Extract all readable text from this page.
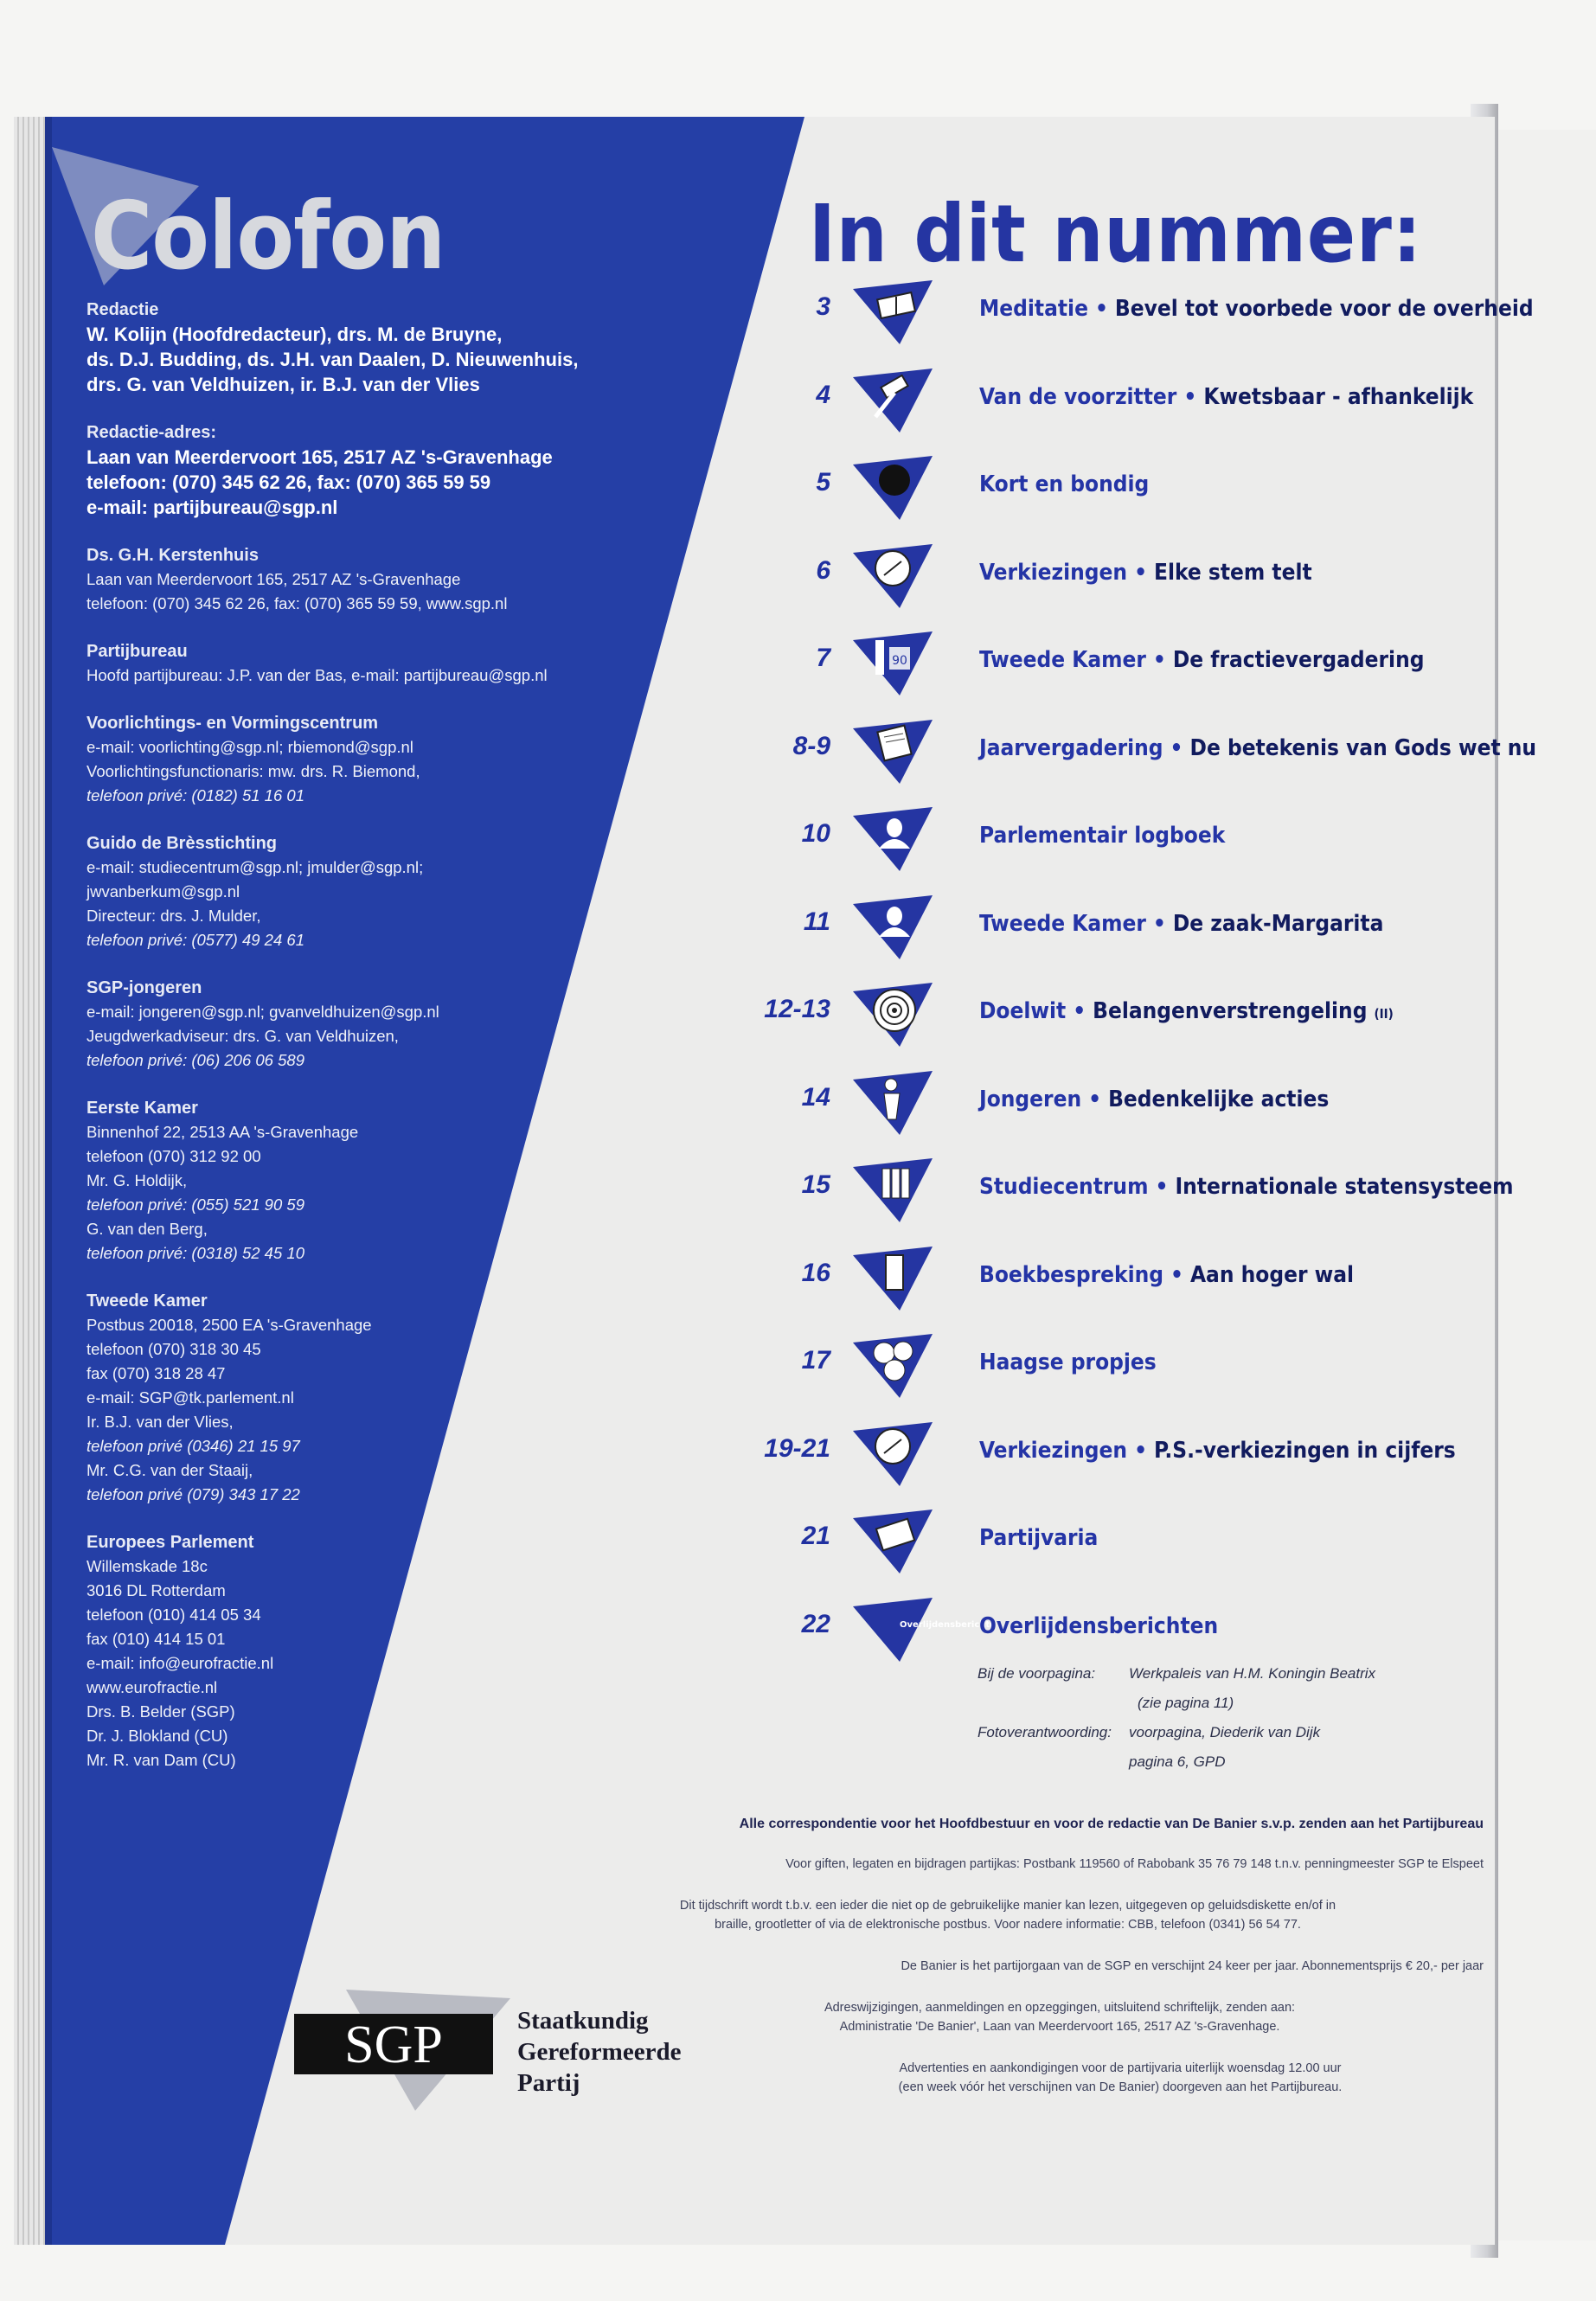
Colofon
Redactie
W. Kolijn (Hoofdredacteur), drs. M. de Bruyne,
ds. D.J. Budding, ds. J.H. van Daalen, D. Nieuwenhuis,
drs. G. van Veldhuizen, ir. B.J. van der Vlies
Redactie-adres:
Laan van Meerdervoort 165, 2517 AZ 's-Gravenhage
telefoon: (070) 345 62 26, fax: (070) 365 59 59
e-mail: partijbureau@sgp.nl
Ds. G.H. Kerstenhuis
Laan van Meerdervoort 165, 2517 AZ 's-Gravenhage
telefoon: (070) 345 62 26, fax: (070) 365 59 59, www.sgp.nl
Partijbureau
Hoofd partijbureau: J.P. van der Bas, e-mail: partijbureau@sgp.nl
Voorlichtings- en Vormingscentrum
e-mail: voorlichting@sgp.nl; rbiemond@sgp.nl
Voorlichtingsfunctionaris: mw. drs. R. Biemond,
telefoon privé: (0182) 51 16 01
Guido de Brèsstichting
e-mail: studiecentrum@sgp.nl; jmulder@sgp.nl;
jwvanberkum@sgp.nl
Directeur: drs. J. Mulder,
telefoon privé: (0577) 49 24 61
SGP-jongeren
e-mail: jongeren@sgp.nl; gvanveldhuizen@sgp.nl
Jeugdwerkadviseur: drs. G. van Veldhuizen,
telefoon privé: (06) 206 06 589
Eerste Kamer
Binnenhof 22, 2513 AA 's-Gravenhage
telefoon (070) 312 92 00
Mr. G. Holdijk,
telefoon privé: (055) 521 90 59
G. van den Berg,
telefoon privé: (0318) 52 45 10
Tweede Kamer
Postbus 20018, 2500 EA 's-Gravenhage
telefoon (070) 318 30 45
fax (070) 318 28 47
e-mail: SGP@tk.parlement.nl
Ir. B.J. van der Vlies,
telefoon privé (0346) 21 15 97
Mr. C.G. van der Staaij,
telefoon privé (079) 343 17 22
Europees Parlement
Willemskade 18c
3016 DL Rotterdam
telefoon (010) 414 05 34
fax (010) 414 15 01
e-mail: info@eurofractie.nl
www.eurofractie.nl
Drs. B. Belder (SGP)
Dr. J. Blokland (CU)
Mr. R. van Dam (CU)
In dit nummer:
3	Meditatie • Bevel tot voorbede voor de overheid
4	Van de voorzitter • Kwetsbaar - afhankelijk
5	Kort en bondig
6	Verkiezingen • Elke stem telt
7	90	Tweede Kamer • De fractievergadering
8-9	Jaarvergadering • De betekenis van Gods wet nu
10	Parlementair logboek
11	Tweede Kamer • De zaak-Margarita
12-13	Doelwit • Belangenverstrengeling (II)
14	Jongeren • Bedenkelijke acties
15	Studiecentrum • Internationale statensysteem
16	Boekbespreking • Aan hoger wal
17	Haagse propjes
19-21	Verkiezingen • P.S.-verkiezingen in cijfers
21	Partijvaria
22	Overlijdensberichten
Overlijdensberichten
Bij de voorpagina: Werkpaleis van H.M. Koningin Beatrix
(zie pagina 11)
Fotoverantwoording: voorpagina, Diederik van Dijk
pagina 6, GPD
Alle correspondentie voor het Hoofdbestuur en voor de redactie van De Banier s.v.p. zenden aan het Partijbureau
Voor giften, legaten en bijdragen partijkas: Postbank 119560 of Rabobank 35 76 79 148 t.n.v. penningmeester SGP te Elspeet
Dit tijdschrift wordt t.b.v. een ieder die niet op de gebruikelijke manier kan lezen, uitgegeven op geluidsdiskette en/of in
braille, grootletter of via de elektronische postbus. Voor nadere informatie: CBB, telefoon (0341) 56 54 77.
De Banier is het partijorgaan van de SGP en verschijnt 24 keer per jaar. Abonnementsprijs € 20,- per jaar
Adreswijzigingen, aanmeldingen en opzeggingen, uitsluitend schriftelijk, zenden aan:
Administratie 'De Banier', Laan van Meerdervoort 165, 2517 AZ 's-Gravenhage.
Advertenties en aankondigingen voor de partijvaria uiterlijk woensdag 12.00 uur
(een week vóór het verschijnen van De Banier) doorgeven aan het Partijbureau.
SGP	Staatkundig
Gereformeerde
Partij
